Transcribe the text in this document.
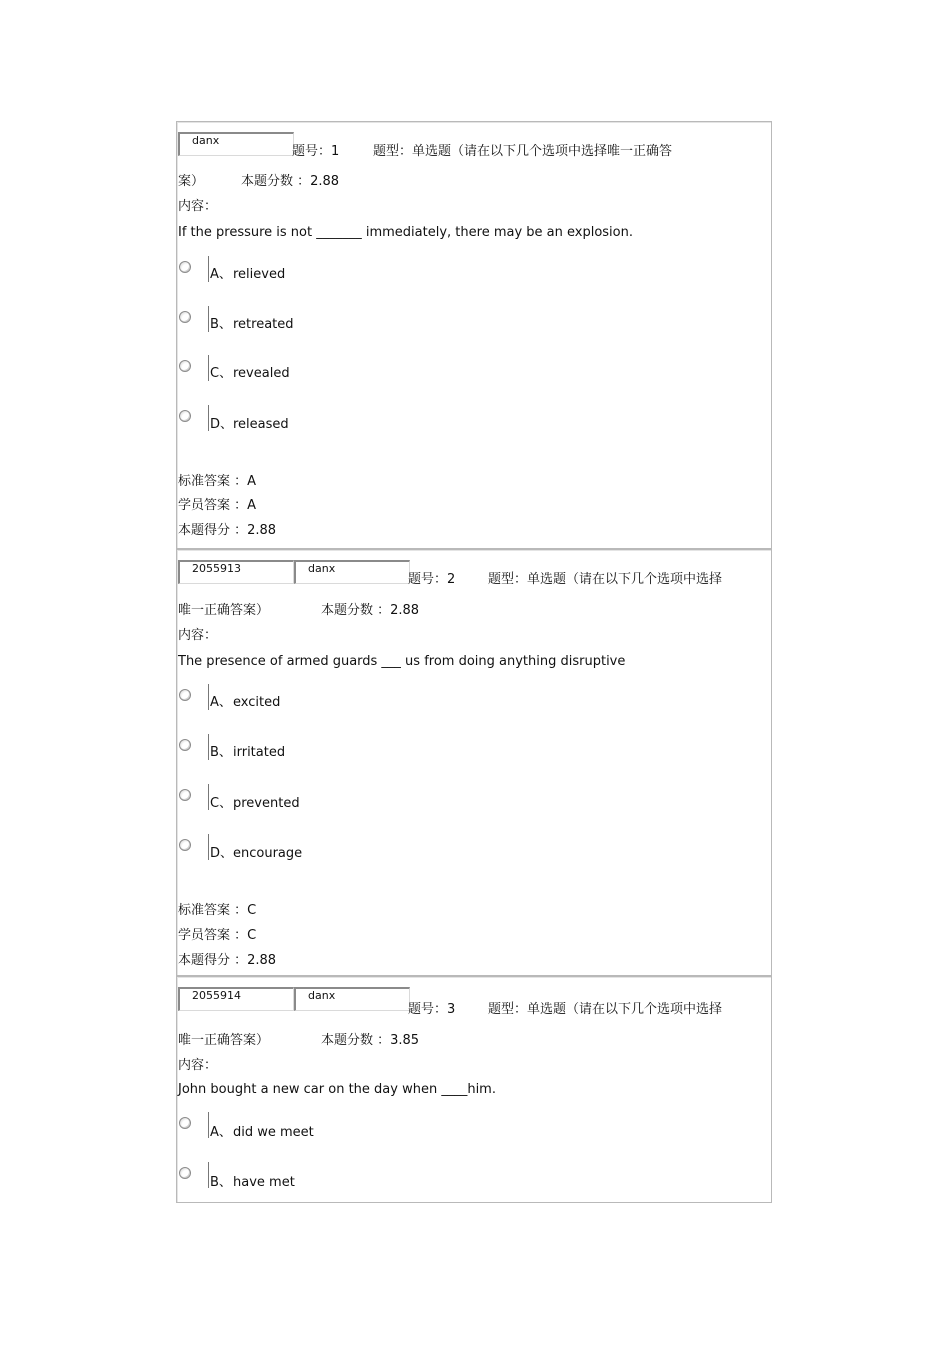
danx
题号：1	题型：单选题（请在以下几个选项中选择唯一正确答
案）	本题分数 ：2.88
内容：
If the pressure is not _______ immediately, there may be an explosion.
A、 relieved
B、 retreated
C、 revealed
D、 released
标准答案 ：A
学员答案 ：A
本题得分 ：2.88
2055913	danx
题号：2	题型：单选题（请在以下几个选项中选择
唯一正确答案）	本题分数 ：2.88
内容：
The presence of armed guards ___ us from doing anything disruptive
A、 excited
B、 irritated
C、 prevented
D、 encourage
标准答案 ：C
学员答案 ：C
本题得分 ：2.88
2055914	danx
题号：3	题型：单选题（请在以下几个选项中选择
唯一正确答案）	本题分数 ：3.85
内容：
John bought a new car on the day when ____him.
A、 did we meet
B、 have met
